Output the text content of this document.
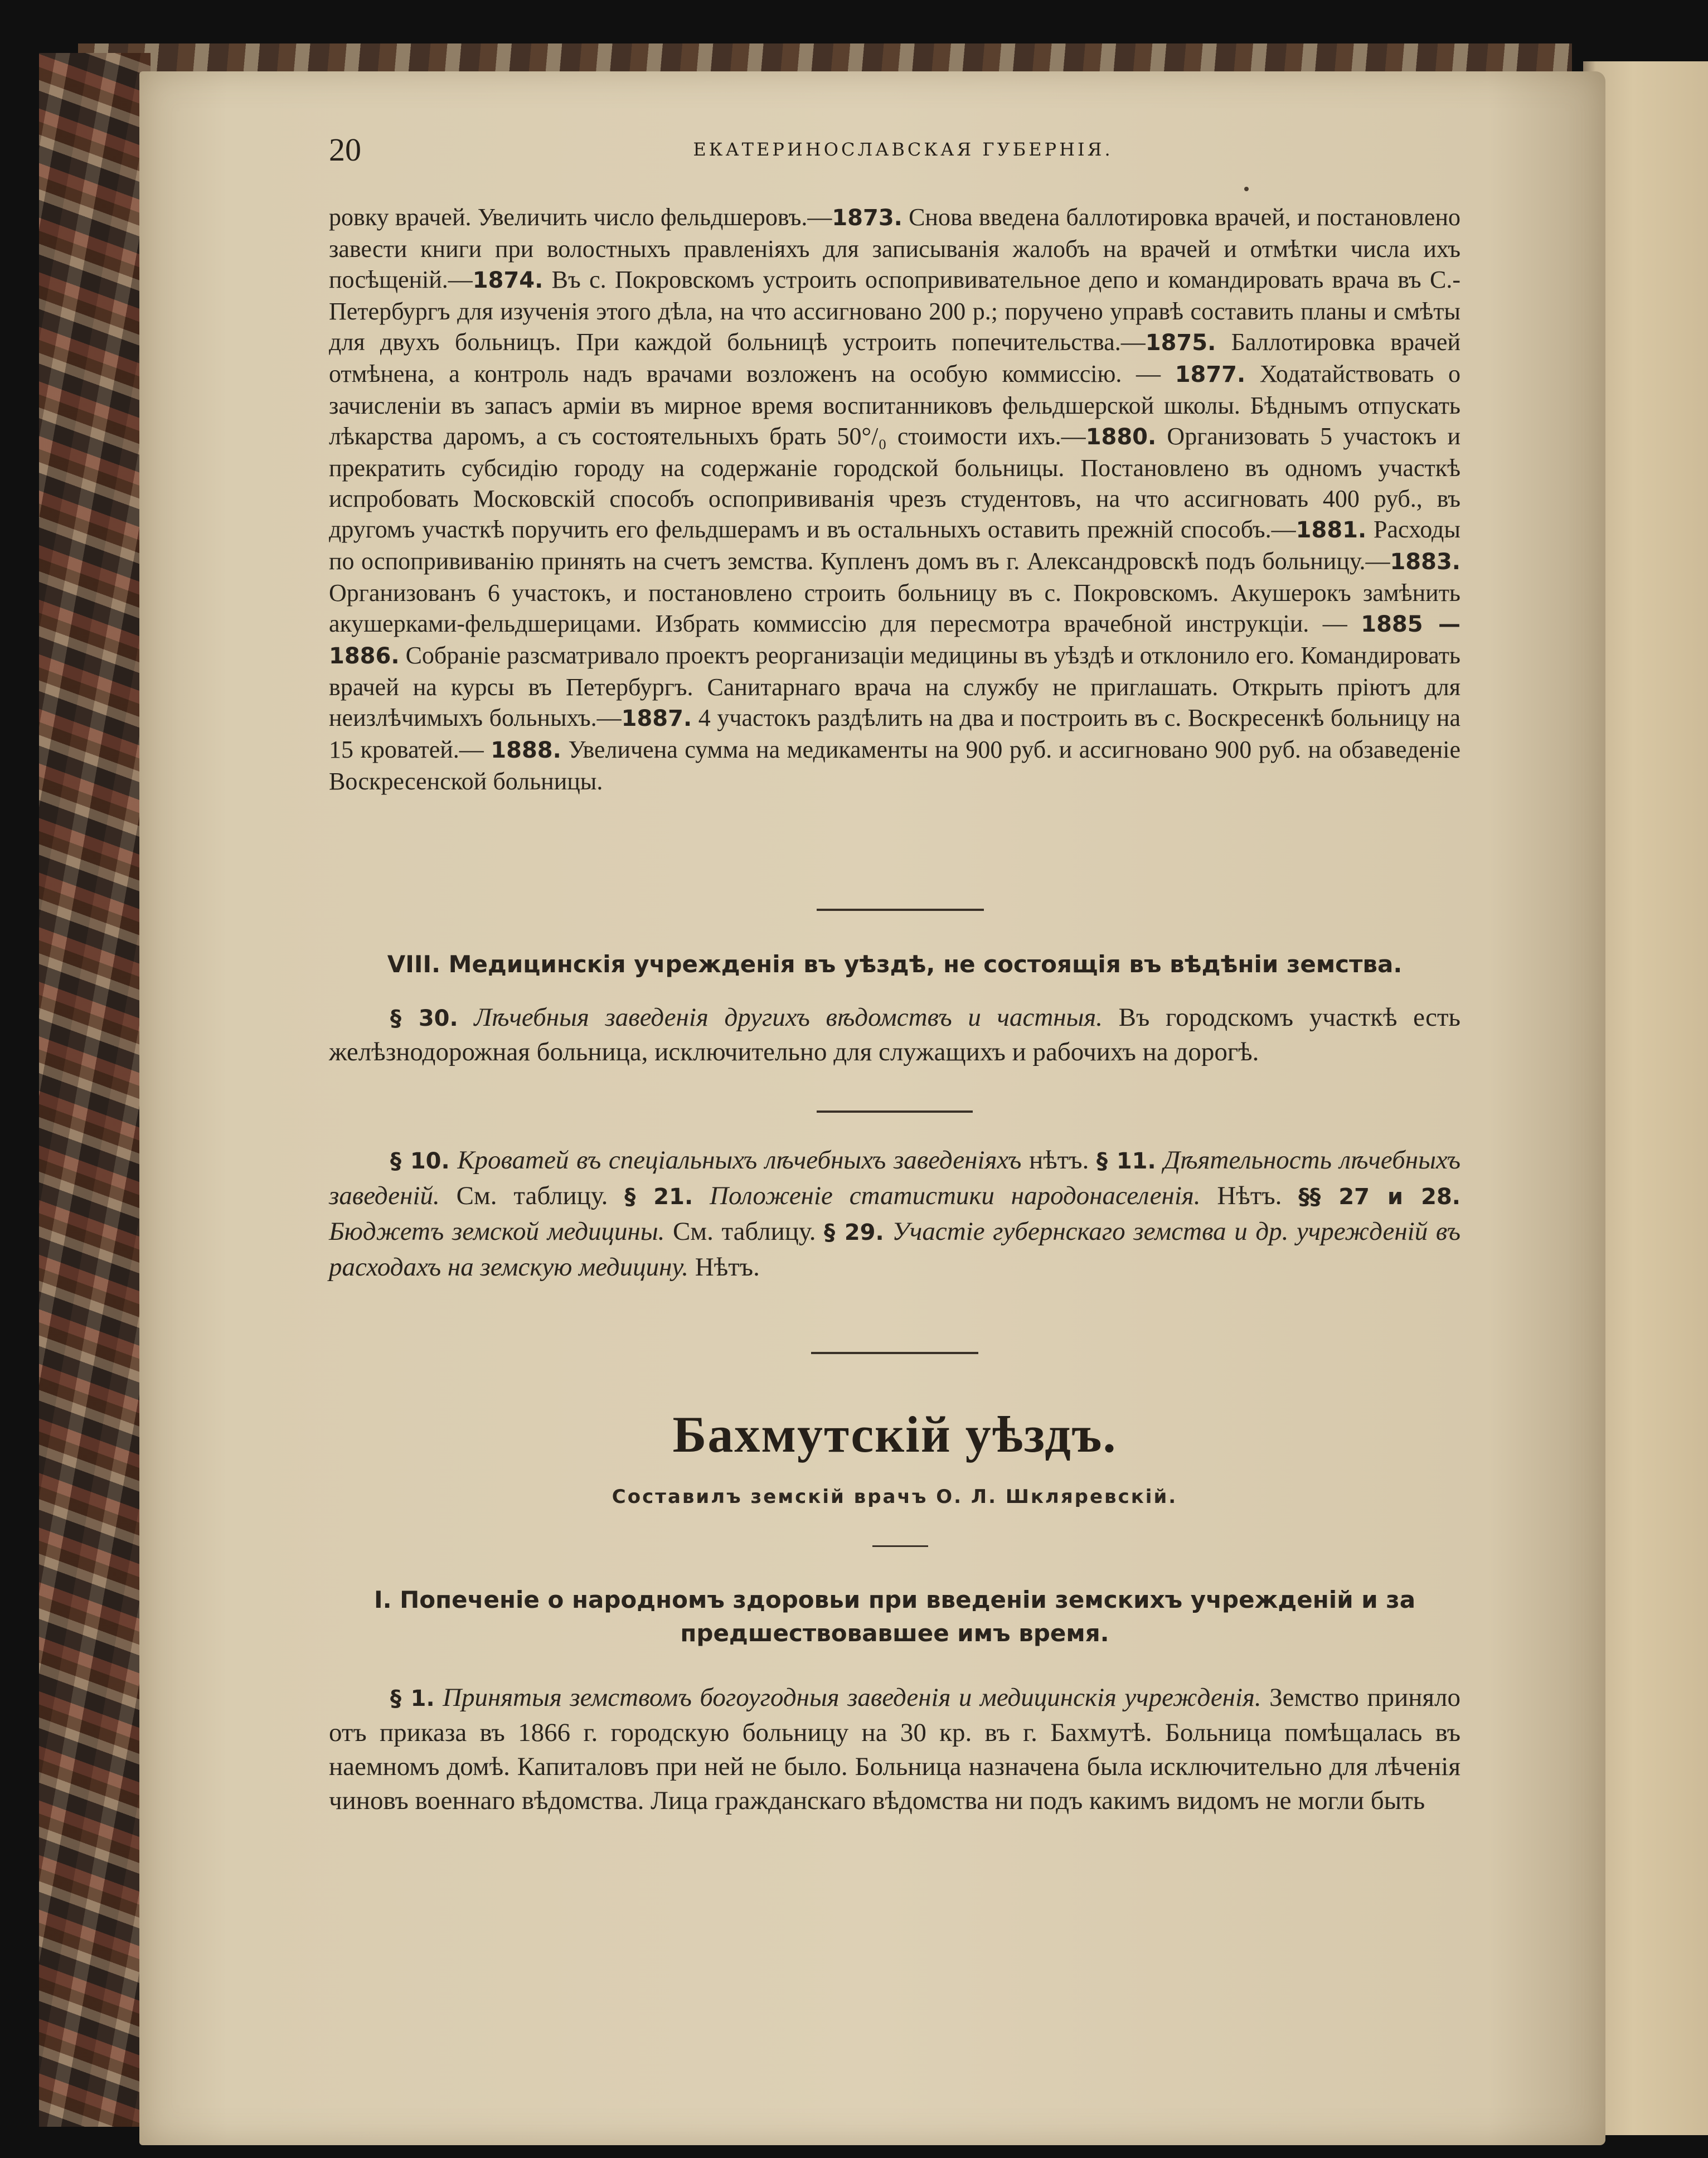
20	ЕКАТЕРИНОСЛАВСКАЯ ГУБЕРНІЯ.

ровку врачей. Увеличить число фельдшеровъ.—1873. Снова введена баллотировка врачей, и постановлено завести книги при волостныхъ правленіяхъ для записыванія жалобъ на врачей и отмѣтки числа ихъ посѣщеній.—1874. Въ с. Покровскомъ устроить оспопрививательное депо и командировать врача въ С.-Петербургъ для изученія этого дѣла, на что ассигновано 200 р.; поручено управѣ составить планы и смѣты для двухъ больницъ. При каждой больницѣ устроить попечительства.—1875. Баллотировка врачей отмѣнена, а контроль надъ врачами возложенъ на особую коммиссію. — 1877. Ходатайствовать о зачисленіи въ запасъ арміи въ мирное время воспитанниковъ фельдшерской школы. Бѣднымъ отпускать лѣкарства даромъ, а съ состоятельныхъ брать 50°/₀ стоимости ихъ.—1880. Организовать 5 участокъ и прекратить субсидію городу на содержаніе городской больницы. Постановлено въ одномъ участкѣ испробовать Московскій способъ оспопрививанія чрезъ студентовъ, на что ассигновать 400 руб., въ другомъ участкѣ поручить его фельдшерамъ и въ остальныхъ оставить прежній способъ.—1881. Расходы по оспопрививанію принять на счетъ земства. Купленъ домъ въ г. Александровскѣ подъ больницу.—1883. Организованъ 6 участокъ, и постановлено строить больницу въ с. Покровскомъ. Акушерокъ замѣнить акушерками-фельдшерицами. Избрать коммиссію для пересмотра врачебной инструкціи. — 1885 — 1886. Собраніе разсматривало проектъ реорганизаціи медицины въ уѣздѣ и отклонило его. Командировать врачей на курсы въ Петербургъ. Санитарнаго врача на службу не приглашать. Открыть пріютъ для неизлѣчимыхъ больныхъ.—1887. 4 участокъ раздѣлить на два и построить въ с. Воскресенкѣ больницу на 15 кроватей.— 1888. Увеличена сумма на медикаменты на 900 руб. и ассигновано 900 руб. на обзаведеніе Воскресенской больницы.

VIII. Медицинскія учрежденія въ уѣздѣ, не состоящія въ вѣдѣніи земства.

§ 30. Лѣчебныя заведенія другихъ вѣдомствъ и частныя. Въ городскомъ участкѣ есть желѣзнодорожная больница, исключительно для служащихъ и рабочихъ на дорогѣ.

§ 10. Кроватей въ спеціальныхъ лѣчебныхъ заведеніяхъ нѣтъ. § 11. Дѣятельность лѣчебныхъ заведеній. См. таблицу. § 21. Положеніе статистики народонаселенія. Нѣтъ. §§ 27 и 28. Бюджетъ земской медицины. См. таблицу. § 29. Участіе губернскаго земства и др. учрежденій въ расходахъ на земскую медицину. Нѣтъ.

Бахмутскій уѣздъ.
Составилъ земскій врачъ О. Л. Шкляревскій.
I. Попеченіе о народномъ здоровьи при введеніи земскихъ учрежденій и за
предшествовавшее имъ время.

§ 1. Принятыя земствомъ богоугодныя заведенія и медицинскія учрежденія. Земство приняло отъ приказа въ 1866 г. городскую больницу на 30 кр. въ г. Бахмутѣ. Больница помѣщалась въ наемномъ домѣ. Капиталовъ при ней не было. Больница назначена была исключительно для лѣченія чиновъ военнаго вѣдомства. Лица гражданскаго вѣдомства ни подъ какимъ видомъ не могли быть
